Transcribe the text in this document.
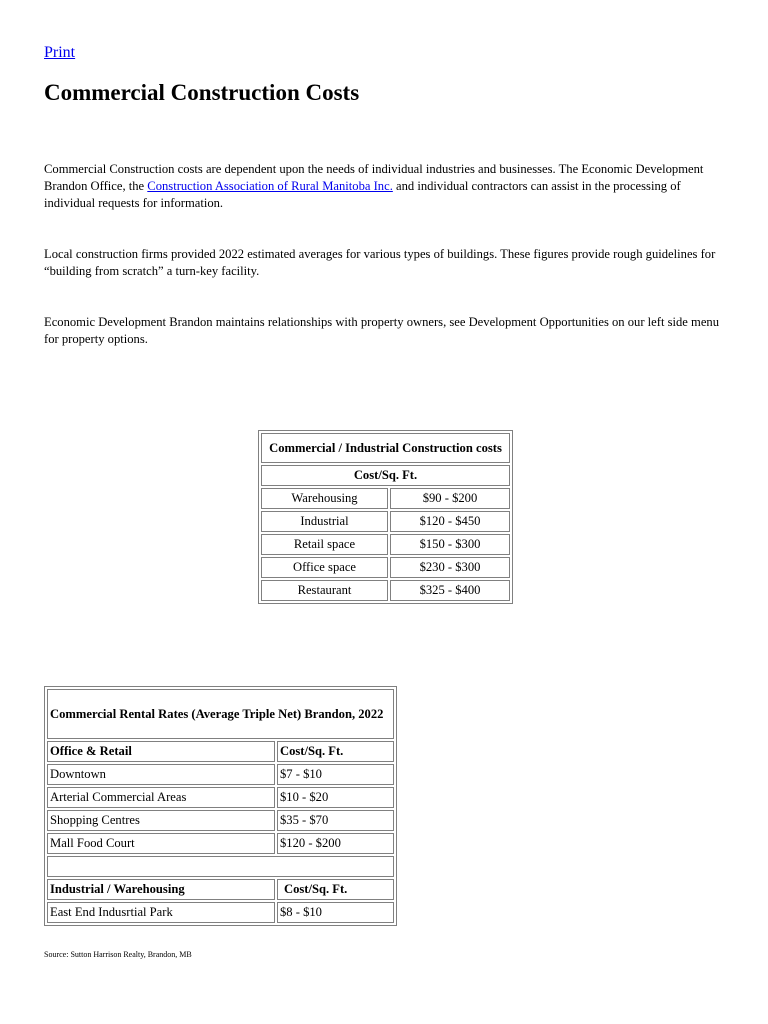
Print
Commercial Construction Costs

Commercial Construction costs are dependent upon the needs of individual industries and businesses. The Economic Development Brandon Office, the Construction Association of Rural Manitoba Inc. and individual contractors can assist in the processing of individual requests for information.

Local construction firms provided 2022 estimated averages for various types of buildings. These figures provide rough guidelines for “building from scratch” a turn-key facility.

Economic Development Brandon maintains relationships with property owners, see Development Opportunities on our left side menu for property options.

Commercial / Industrial Construction costs	
Cost/Sq. Ft.	
Warehousing	$90 - $200
Industrial	$120 - $450
Retail space	$150 - $300
Office space	$230 - $300
Restaurant	$325 - $400
Commercial Rental Rates (Average Triple Net) Brandon, 2022	
Office & Retail	Cost/Sq. Ft.
Downtown	$7 - $10
Arterial Commercial Areas	$10 - $20
Shopping Centres	$35 - $70
Mall Food Court	$120 - $200

Industrial / Warehousing	Cost/Sq. Ft.
East End Indusrtial Park	$8 - $10
Source: Sutton Harrison Realty, Brandon, MB
